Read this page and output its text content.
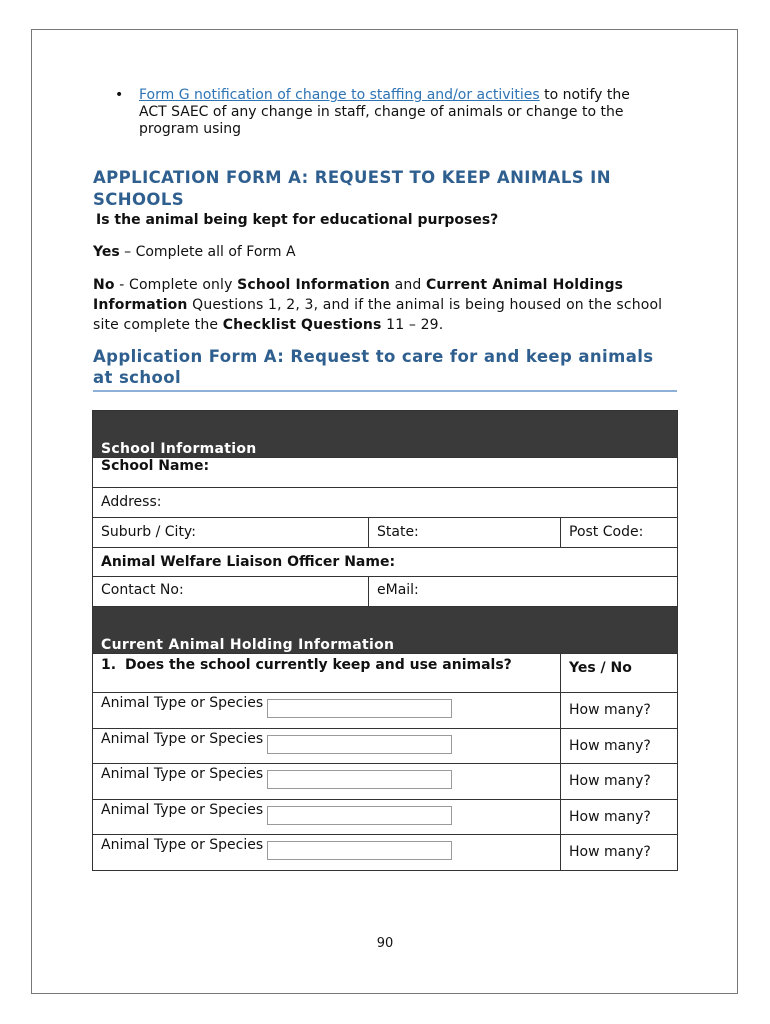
• Form G notification of change to staffing and/or activities to notify the ACT SAEC of any change in staff, change of animals or change to the program using
APPLICATION FORM A: REQUEST TO KEEP ANIMALS IN SCHOOLS
Is the animal being kept for educational purposes?
Yes – Complete all of Form A
No - Complete only School Information and Current Animal Holdings Information Questions 1, 2, 3, and if the animal is being housed on the school site complete the Checklist Questions 11 – 29.
Application Form A: Request to care for and keep animals at school
School Information		
School Name:		
Address:		
Suburb / City:	State:	Post Code:
Animal Welfare Liaison Officer Name:		
Contact No:	eMail:	
Current Animal Holding Information		

1. Does the school currently keep and use animals?		Yes / No
Animal Type or Species		How many?
Animal Type or Species		How many?
Animal Type or Species		How many?
Animal Type or Species		How many?
Animal Type or Species		How many?
90
